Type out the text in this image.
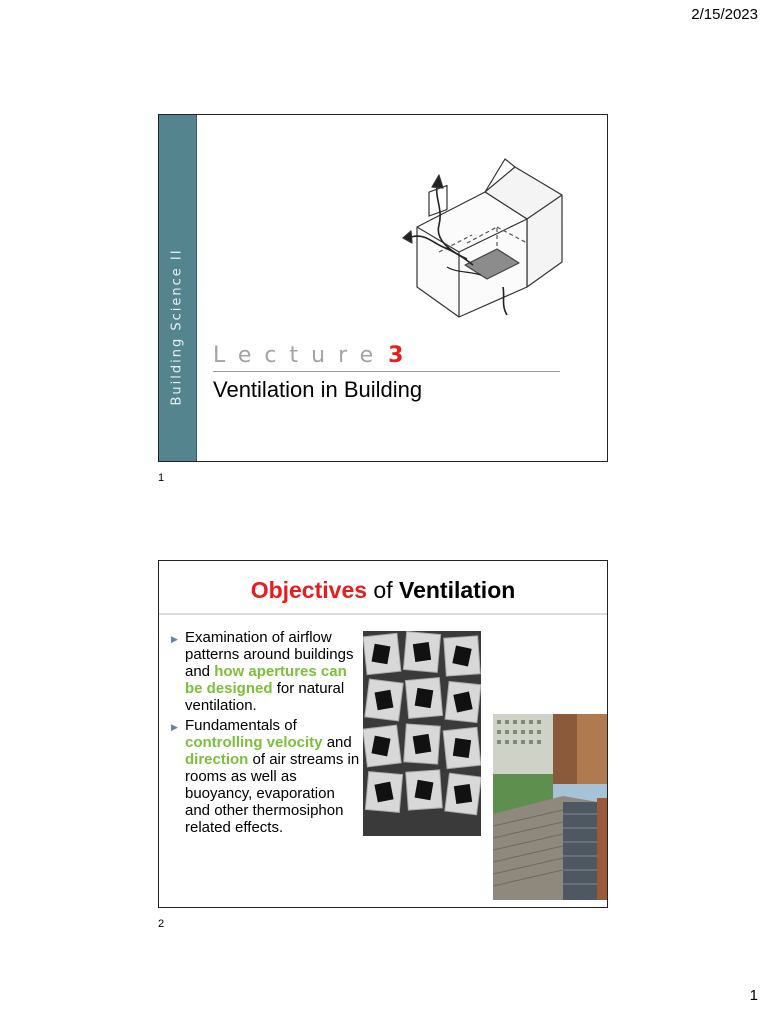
2/15/2023
Building Science II Lecture3
Ventilation in Building
1
Objectives of Ventilation
▶ Examination of airflow patterns around buildings and how apertures can be designed for natural ventilation.
▶ Fundamentals of controlling velocity and direction of air streams in rooms as well as buoyancy, evaporation and other thermosiphon related effects.
2
1
